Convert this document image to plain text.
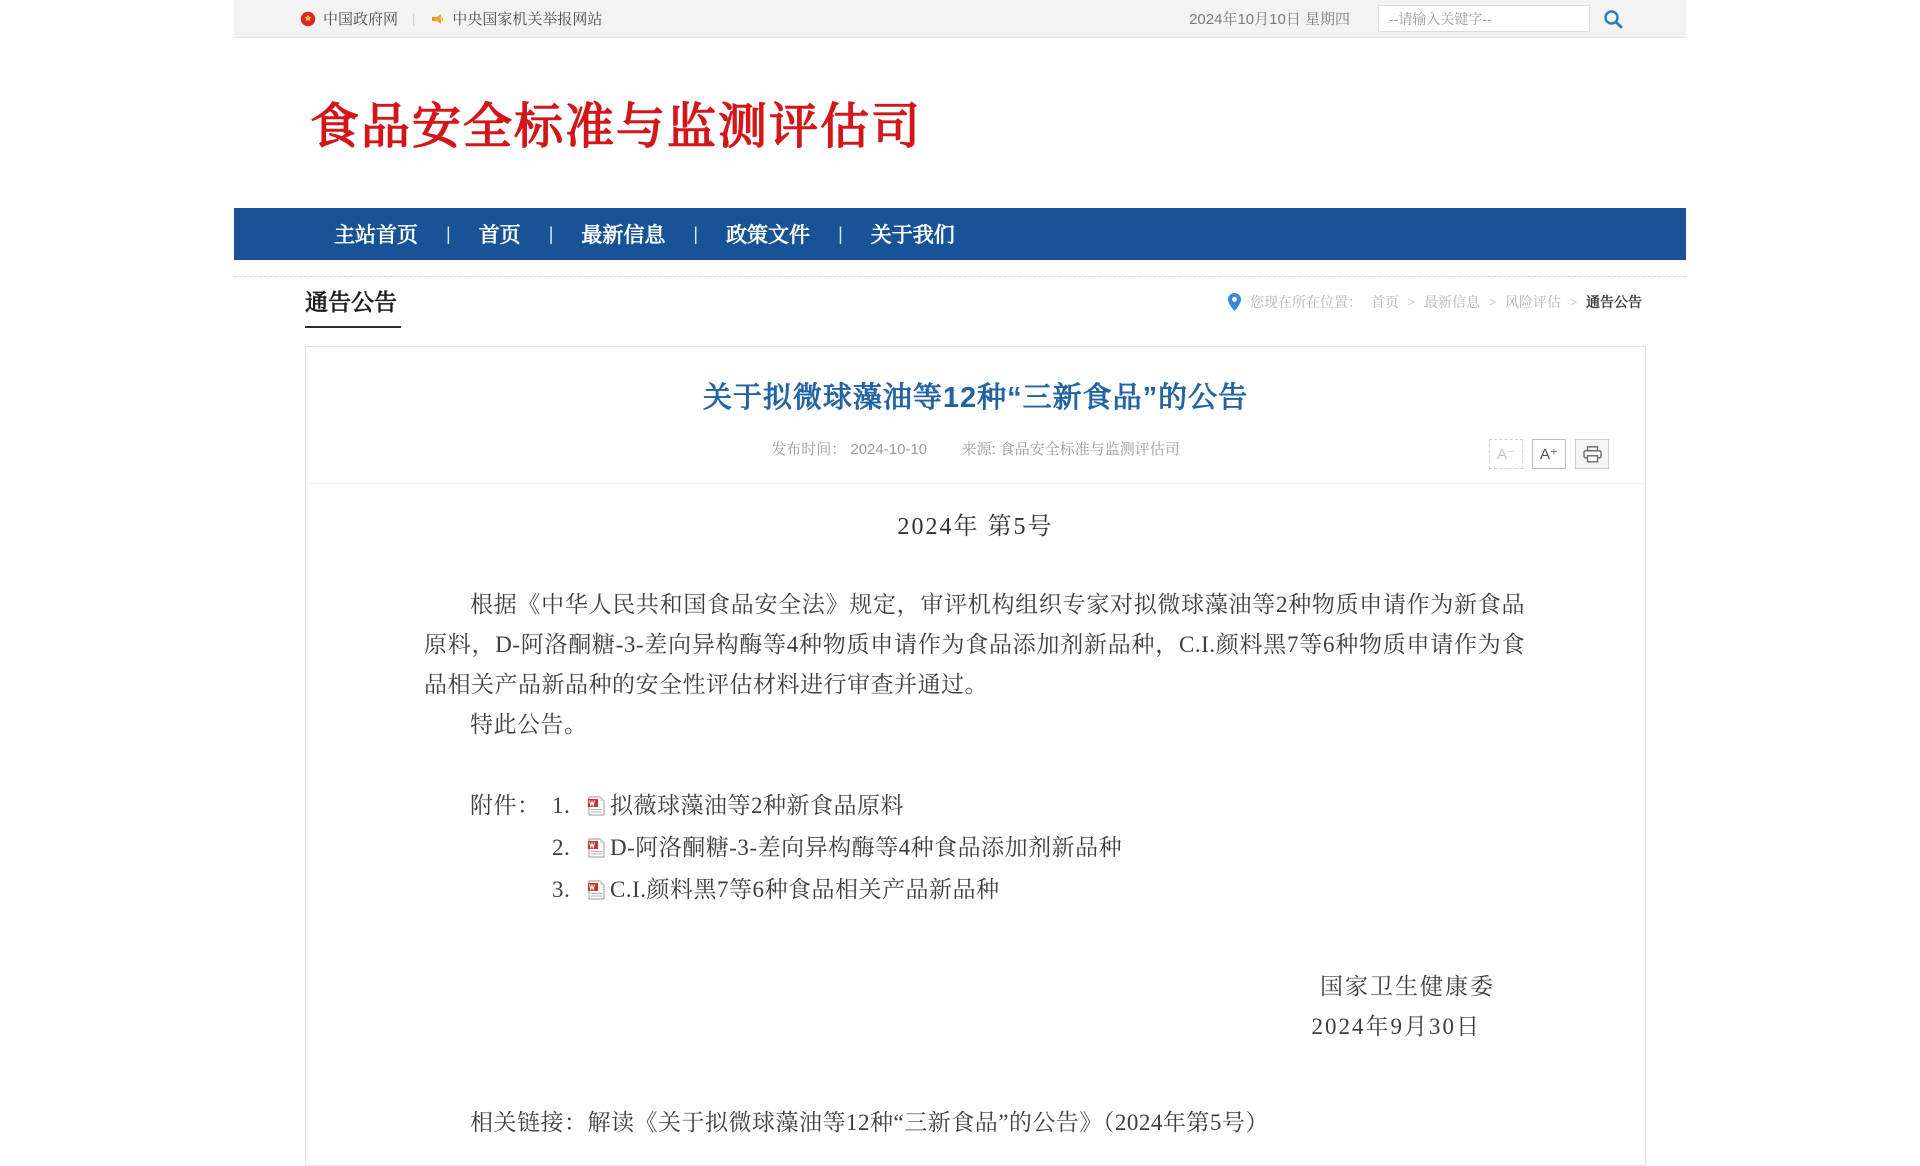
中国政府网 | 中央国家机关举报网站	2024年10月10日 星期四
--请输入关键字--
食品安全标准与监测评估司
主站首页 | 首页 | 最新信息 | 政策文件 | 关于我们
通告公告	您现在所在位置： 首页 > 最新信息 > 风险评估 > 通告公告
关于拟微球藻油等12种“三新食品”的公告
发布时间： 2024-10-10 来源: 食品安全标准与监测评估司	A⁻	A⁺
2024年 第5号

根据《中华人民共和国食品安全法》规定，审评机构组织专家对拟微球藻油等2种物质申请作为新食品原料，D-阿洛酮糖-3-差向异构酶等4种物质申请作为食品添加剂新品种，C.I.颜料黑7等6种物质申请作为食品相关产品新品种的安全性评估材料进行审查并通过。

特此公告。

附件： 1.	拟薇球藻油等2种新食品原料
2.	D-阿洛酮糖-3-差向异构酶等4种食品添加剂新品种
3.	C.I.颜料黑7等6种食品相关产品新品种
国家卫生健康委
2024年9月30日

相关链接：解读《关于拟微球藻油等12种“三新食品”的公告》（2024年第5号）
